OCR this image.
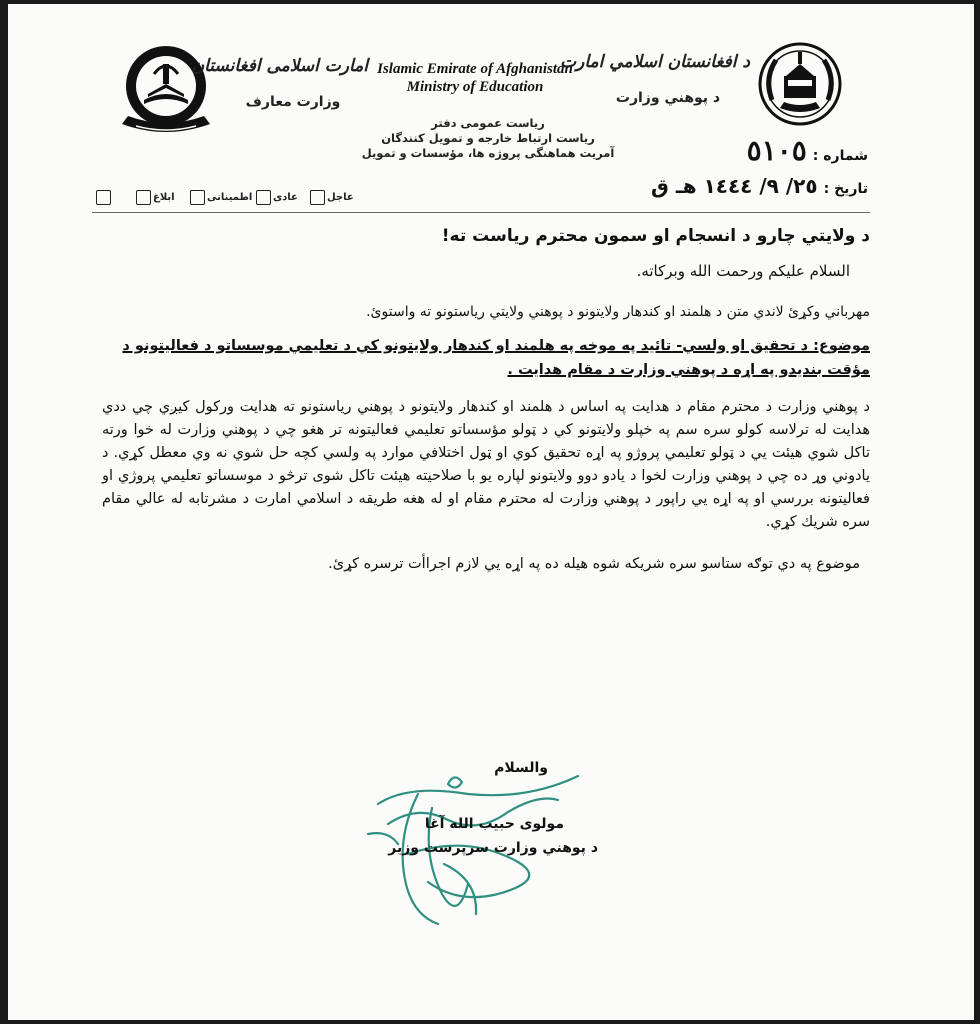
امارت اسلامی افغانستان
وزارت معارف
Islamic Emirate of Afghanistan
Ministry of Education
د افغانستان اسلامي امارت
د پوهني وزارت
ریاست عمومی دفتر
ریاست ارتباط خارجه و تمویل کنندگان
آمریت هماهنگی پروژه ها، مؤسسات و تمویل	شماره :
٥١٠٥
تاریخ :
٢٥/ ٩/ ١٤٤٤ هـ ق
عاجل
عادی
اطمینانی
ابلاغ

د ولايتي چارو د انسجام او سمون محترم رياست ته!

السلام عليكم ورحمت الله وبركاته.

مهرباني وكړئ لاندي متن د هلمند او كندهار ولايتونو د پوهني ولايتي رياستونو ته واستوئ.

موضوع: د تحقيق او ولسي- تائيد په موخه په هلمند او كندهار ولايتونو كي د تعليمي موسساتو د فعاليتونو د مؤقت بنديدو په اړه د پوهني وزارت د مقام هدايت .

د پوهني وزارت د محترم مقام د هدايت په اساس د هلمند او كندهار ولايتونو د پوهني رياستونو ته هدايت وركول كيږي چي ددي هدايت له ترلاسه كولو سره سم په خپلو ولايتونو كي د ټولو مؤسساتو تعليمي فعاليتونه تر هغو چي د پوهني وزارت له خوا ورته تاكل شوي هيئت يي د ټولو تعليمي پروژو په اړه تحقيق كوي او ټول اختلافي موارد په ولسي كچه حل شوي نه وي معطل كړي. د يادوني وړ ده چي د پوهني وزارت لخوا د يادو دوو ولايتونو لپاره يو با صلاحيته هيئت تاكل شوى ترڅو د موسساتو تعليمي پروژي او فعاليتونه بررسي او په اړه يي راپور د پوهني وزارت له محترم مقام او له هغه طريقه د اسلامي امارت د مشرتابه له عالي مقام سره شريك كړي.

موضوع په دي توګه ستاسو سره شريكه شوه هيله ده په اړه يي لازم اجراأت ترسره كړئ.

والسلام
مولوی حبیب الله آغا
د پوهني وزارت سرپرست وزير
